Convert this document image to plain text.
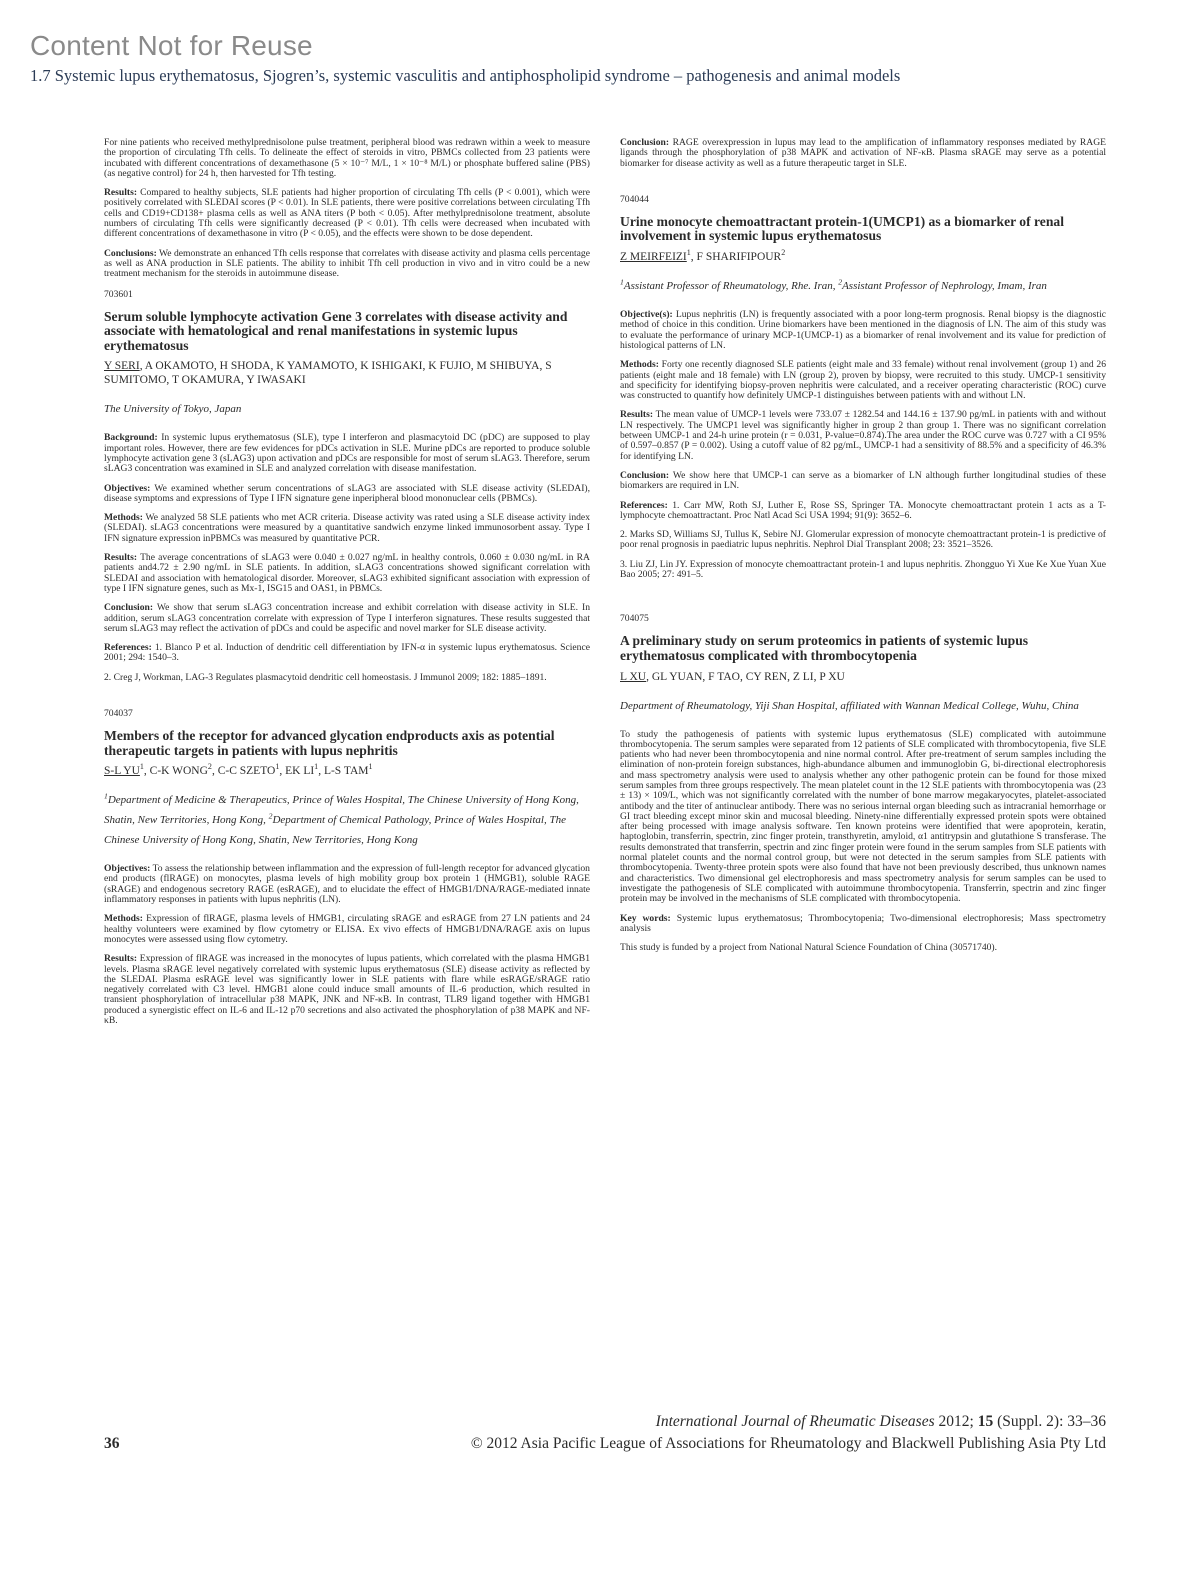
Content Not for Reuse
1.7 Systemic lupus erythematosus, Sjogren’s, systemic vasculitis and antiphospholipid syndrome – pathogenesis and animal models

For nine patients who received methylprednisolone pulse treatment, peripheral blood was redrawn within a week to measure the proportion of circulating Tfh cells. To delineate the effect of steroids in vitro, PBMCs collected from 23 patients were incubated with different concentrations of dexamethasone (5 × 10⁻⁷ M/L, 1 × 10⁻⁸ M/L) or phosphate buffered saline (PBS) (as negative control) for 24 h, then harvested for Tfh testing.

Results: Compared to healthy subjects, SLE patients had higher proportion of circulating Tfh cells (P < 0.001), which were positively correlated with SLEDAI scores (P < 0.01). In SLE patients, there were positive correlations between circulating Tfh cells and CD19+CD138+ plasma cells as well as ANA titers (P both < 0.05). After methylprednisolone treatment, absolute numbers of circulating Tfh cells were significantly decreased (P < 0.01). Tfh cells were decreased when incubated with different concentrations of dexamethasone in vitro (P < 0.05), and the effects were shown to be dose dependent.

Conclusions: We demonstrate an enhanced Tfh cells response that correlates with disease activity and plasma cells percentage as well as ANA production in SLE patients. The ability to inhibit Tfh cell production in vivo and in vitro could be a new treatment mechanism for the steroids in autoimmune disease.

703601
Serum soluble lymphocyte activation Gene 3 correlates with disease activity and associate with hematological and renal manifestations in systemic lupus erythematosus
Y SERI, A OKAMOTO, H SHODA, K YAMAMOTO, K ISHIGAKI, K FUJIO, M SHIBUYA, S SUMITOMO, T OKAMURA, Y IWASAKI
The University of Tokyo, Japan

Background: In systemic lupus erythematosus (SLE), type I interferon and plasmacytoid DC (pDC) are supposed to play important roles. However, there are few evidences for pDCs activation in SLE. Murine pDCs are reported to produce soluble lymphocyte activation gene 3 (sLAG3) upon activation and pDCs are responsible for most of serum sLAG3. Therefore, serum sLAG3 concentration was examined in SLE and analyzed correlation with disease manifestation.

Objectives: We examined whether serum concentrations of sLAG3 are associated with SLE disease activity (SLEDAI), disease symptoms and expressions of Type I IFN signature gene inperipheral blood mononuclear cells (PBMCs).

Methods: We analyzed 58 SLE patients who met ACR criteria. Disease activity was rated using a SLE disease activity index (SLEDAI). sLAG3 concentrations were measured by a quantitative sandwich enzyme linked immunosorbent assay. Type I IFN signature expression inPBMCs was measured by quantitative PCR.

Results: The average concentrations of sLAG3 were 0.040 ± 0.027 ng/mL in healthy controls, 0.060 ± 0.030 ng/mL in RA patients and4.72 ± 2.90 ng/mL in SLE patients. In addition, sLAG3 concentrations showed significant correlation with SLEDAI and association with hematological disorder. Moreover, sLAG3 exhibited significant association with expression of type I IFN signature genes, such as Mx-1, ISG15 and OAS1, in PBMCs.

Conclusion: We show that serum sLAG3 concentration increase and exhibit correlation with disease activity in SLE. In addition, serum sLAG3 concentration correlate with expression of Type I interferon signatures. These results suggested that serum sLAG3 may reflect the activation of pDCs and could be aspecific and novel marker for SLE disease activity.

References: 1. Blanco P et al. Induction of dendritic cell differentiation by IFN-α in systemic lupus erythematosus. Science 2001; 294: 1540–3.

2. Creg J, Workman, LAG-3 Regulates plasmacytoid dendritic cell homeostasis. J Immunol 2009; 182: 1885–1891.

704037
Members of the receptor for advanced glycation endproducts axis as potential therapeutic targets in patients with lupus nephritis
S-L $YU^1$, C-K WONG$^2$, C-C SZETO$^1$, EK $LI^1$, L-S TAM$^1$
$^1$Department of Medicine & Therapeutics, Prince of Wales Hospital, The Chinese University of Hong Kong, Shatin, New Territories, Hong Kong, $^2$Department of Chemical Pathology, Prince of Wales Hospital, The Chinese University of Hong Kong, Shatin, New Territories, Hong Kong

Objectives: To assess the relationship between inflammation and the expression of full-length receptor for advanced glycation end products (flRAGE) on monocytes, plasma levels of high mobility group box protein 1 (HMGB1), soluble RAGE (sRAGE) and endogenous secretory RAGE (esRAGE), and to elucidate the effect of HMGB1/DNA/RAGE-mediated innate inflammatory responses in patients with lupus nephritis (LN).

Methods: Expression of flRAGE, plasma levels of HMGB1, circulating sRAGE and esRAGE from 27 LN patients and 24 healthy volunteers were examined by flow cytometry or ELISA. Ex vivo effects of HMGB1/DNA/RAGE axis on lupus monocytes were assessed using flow cytometry.

Results: Expression of flRAGE was increased in the monocytes of lupus patients, which correlated with the plasma HMGB1 levels. Plasma sRAGE level negatively correlated with systemic lupus erythematosus (SLE) disease activity as reflected by the SLEDAI. Plasma esRAGE level was significantly lower in SLE patients with flare while esRAGE/sRAGE ratio negatively correlated with C3 level. HMGB1 alone could induce small amounts of IL-6 production, which resulted in transient phosphorylation of intracellular p38 MAPK, JNK and NF-κB. In contrast, TLR9 ligand together with HMGB1 produced a synergistic effect on IL-6 and IL-12 p70 secretions and also activated the phosphorylation of p38 MAPK and NF-κB.

Conclusion: RAGE overexpression in lupus may lead to the amplification of inflammatory responses mediated by RAGE ligands through the phosphorylation of p38 MAPK and activation of NF-κB. Plasma sRAGE may serve as a potential biomarker for disease activity as well as a future therapeutic target in SLE.

704044
Urine monocyte chemoattractant protein-1(UMCP1) as a biomarker of renal involvement in systemic lupus erythematosus
Z MEIRFEIZI$^1$, F SHARIFIPOUR$^2$
$^1$Assistant Professor of Rheumatology, Rhe. Iran, $^2$Assistant Professor of Nephrology, Imam, Iran

Objective(s): Lupus nephritis (LN) is frequently associated with a poor long-term prognosis. Renal biopsy is the diagnostic method of choice in this condition. Urine biomarkers have been mentioned in the diagnosis of LN. The aim of this study was to evaluate the performance of urinary MCP-1(UMCP-1) as a biomarker of renal involvement and its value for prediction of histological patterns of LN.

Methods: Forty one recently diagnosed SLE patients (eight male and 33 female) without renal involvement (group 1) and 26 patients (eight male and 18 female) with LN (group 2), proven by biopsy, were recruited to this study. UMCP-1 sensitivity and specificity for identifying biopsy-proven nephritis were calculated, and a receiver operating characteristic (ROC) curve was constructed to quantify how definitely UMCP-1 distinguishes between patients with and without LN.

Results: The mean value of UMCP-1 levels were 733.07 ± 1282.54 and 144.16 ± 137.90 pg/mL in patients with and without LN respectively. The UMCP1 level was significantly higher in group 2 than group 1. There was no significant correlation between UMCP-1 and 24-h urine protein (r = 0.031, P-value=0.874).The area under the ROC curve was 0.727 with a CI 95% of 0.597–0.857 (P = 0.002). Using a cutoff value of 82 pg/mL, UMCP-1 had a sensitivity of 88.5% and a specificity of 46.3% for identifying LN.

Conclusion: We show here that UMCP-1 can serve as a biomarker of LN although further longitudinal studies of these biomarkers are required in LN.

References: 1. Carr MW, Roth SJ, Luther E, Rose SS, Springer TA. Monocyte chemoattractant protein 1 acts as a T-lymphocyte chemoattractant. Proc Natl Acad Sci USA 1994; 91(9): 3652–6.

2. Marks SD, Williams SJ, Tullus K, Sebire NJ. Glomerular expression of monocyte chemoattractant protein-1 is predictive of poor renal prognosis in paediatric lupus nephritis. Nephrol Dial Transplant 2008; 23: 3521–3526.

3. Liu ZJ, Lin JY. Expression of monocyte chemoattractant protein-1 and lupus nephritis. Zhongguo Yi Xue Ke Xue Yuan Xue Bao 2005; 27: 491–5.

704075
A preliminary study on serum proteomics in patients of systemic lupus erythematosus complicated with thrombocytopenia
L XU, GL YUAN, F TAO, CY REN, Z LI, P XU
Department of Rheumatology, Yiji Shan Hospital, affiliated with Wannan Medical College, Wuhu, China

To study the pathogenesis of patients with systemic lupus erythematosus (SLE) complicated with autoimmune thrombocytopenia. The serum samples were separated from 12 patients of SLE complicated with thrombocytopenia, five SLE patients who had never been thrombocytopenia and nine normal control. After pre-treatment of serum samples including the elimination of non-protein foreign substances, high-abundance albumen and immunoglobin G, bi-directional electrophoresis and mass spectrometry analysis were used to analysis whether any other pathogenic protein can be found for those mixed serum samples from three groups respectively. The mean platelet count in the 12 SLE patients with thrombocytopenia was (23 ± 13) × 109/L, which was not significantly correlated with the number of bone marrow megakaryocytes, platelet-associated antibody and the titer of antinuclear antibody. There was no serious internal organ bleeding such as intracranial hemorrhage or GI tract bleeding except minor skin and mucosal bleeding. Ninety-nine differentially expressed protein spots were obtained after being processed with image analysis software. Ten known proteins were identified that were apoprotein, keratin, haptoglobin, transferrin, spectrin, zinc finger protein, transthyretin, amyloid, α1 antitrypsin and glutathione S transferase. The results demonstrated that transferrin, spectrin and zinc finger protein were found in the serum samples from SLE patients with normal platelet counts and the normal control group, but were not detected in the serum samples from SLE patients with thrombocytopenia. Twenty-three protein spots were also found that have not been previously described, thus unknown names and characteristics. Two dimensional gel electrophoresis and mass spectrometry analysis for serum samples can be used to investigate the pathogenesis of SLE complicated with autoimmune thrombocytopenia. Transferrin, spectrin and zinc finger protein may be involved in the mechanisms of SLE complicated with thrombocytopenia.

Key words: Systemic lupus erythematosus; Thrombocytopenia; Two-dimensional electrophoresis; Mass spectrometry analysis

This study is funded by a project from National Natural Science Foundation of China (30571740).

International Journal of Rheumatic Diseases 2012; 15 (Suppl. 2): 33–36
36	© 2012 Asia Pacific League of Associations for Rheumatology and Blackwell Publishing Asia Pty Ltd
